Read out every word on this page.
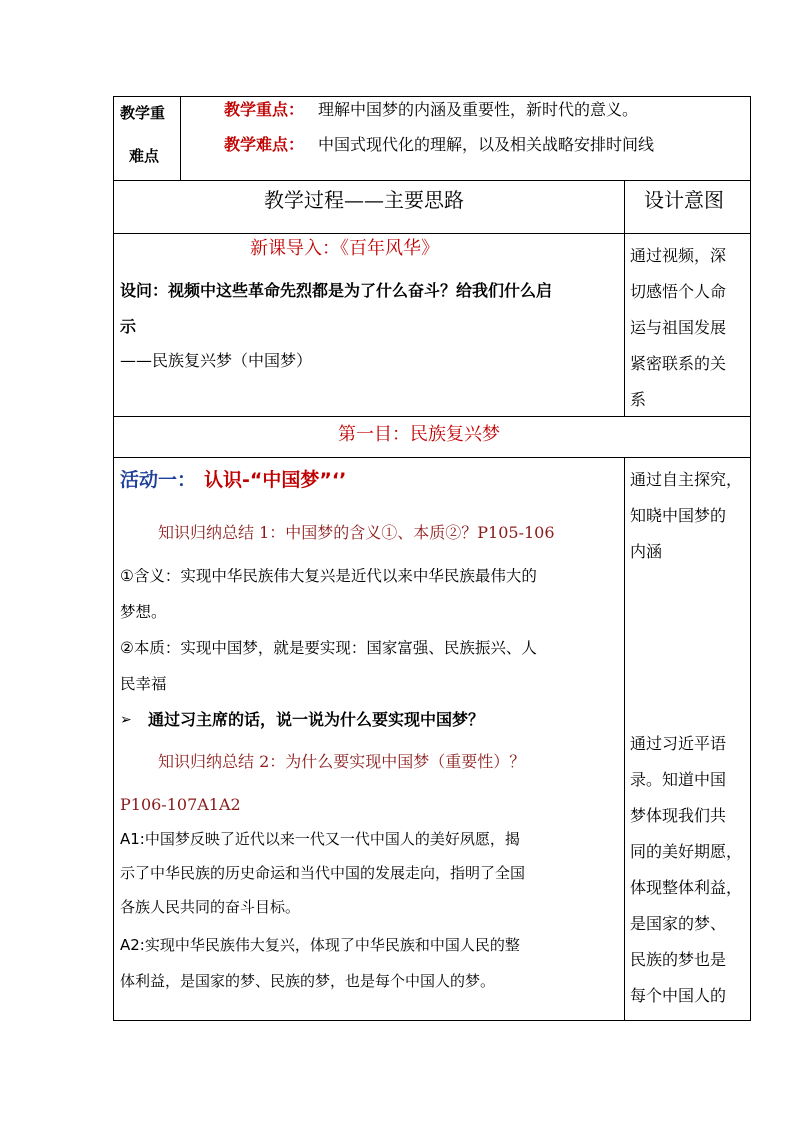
教学重
难点
教学重点： 理解中国梦的内涵及重要性，新时代的意义。
教学难点： 中国式现代化的理解，以及相关战略安排时间线
教学过程——主要思路	设计意图
新课导入：《百年风华》
设问：视频中这些革命先烈都是为了什么奋斗？给我们什么启
示
——民族复兴梦（中国梦）
通过视频，深
切感悟个人命
运与祖国发展
紧密联系的关
系
第一目：民族复兴梦
活动一： 认识-“中国梦”‘’
知识归纳总结 1：中国梦的含义①、本质②？P105-106
①含义：实现中华民族伟大复兴是近代以来中华民族最伟大的
梦想。
②本质：实现中国梦，就是要实现：国家富强、民族振兴、人
民幸福
➢ 通过习主席的话，说一说为什么要实现中国梦？
知识归纳总结 2：为什么要实现中国梦（重要性）？
P106-107A1A2
A1:中国梦反映了近代以来一代又一代中国人的美好夙愿，揭
示了中华民族的历史命运和当代中国的发展走向，指明了全国
各族人民共同的奋斗目标。
A2:实现中华民族伟大复兴，体现了中华民族和中国人民的整
体利益，是国家的梦、民族的梦，也是每个中国人的梦。
通过自主探究，
知晓中国梦的
内涵
通过习近平语
录。知道中国
梦体现我们共
同的美好期愿，
体现整体利益，
是国家的梦、
民族的梦也是
每个中国人的
